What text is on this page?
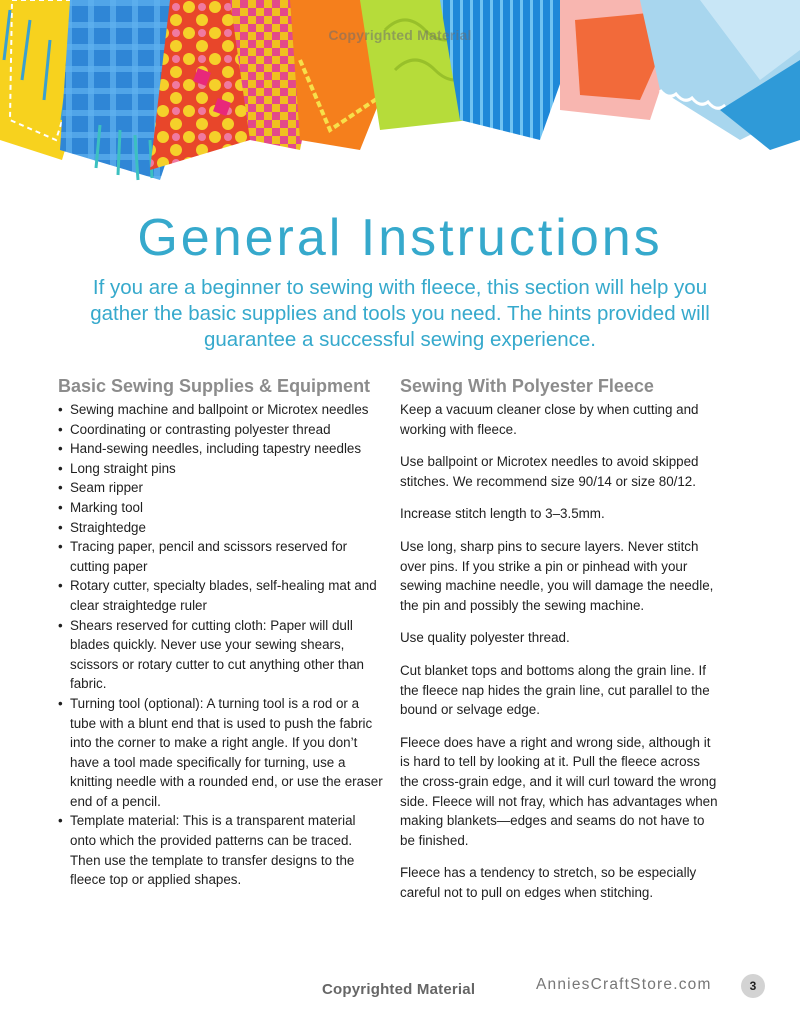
Copyrighted Material
General Instructions

If you are a beginner to sewing with fleece, this section will help you gather the basic supplies and tools you need. The hints provided will guarantee a successful sewing experience.

Basic Sewing Supplies & Equipment
• Sewing machine and ballpoint or Microtex needles
• Coordinating or contrasting polyester thread
• Hand-sewing needles, including tapestry needles
• Long straight pins
• Seam ripper
• Marking tool
• Straightedge
• Tracing paper, pencil and scissors reserved for cutting paper
• Rotary cutter, specialty blades, self-healing mat and clear straightedge ruler
• Shears reserved for cutting cloth: Paper will dull blades quickly. Never use your sewing shears, scissors or rotary cutter to cut anything other than fabric.
• Turning tool (optional): A turning tool is a rod or a tube with a blunt end that is used to push the fabric into the corner to make a right angle. If you don’t have a tool made specifically for turning, use a knitting needle with a rounded end, or use the eraser end of a pencil.
• Template material: This is a transparent material onto which the provided patterns can be traced. Then use the template to transfer designs to the fleece top or applied shapes.
Sewing With Polyester Fleece

Keep a vacuum cleaner close by when cutting and working with fleece.

Use ballpoint or Microtex needles to avoid skipped stitches. We recommend size 90/14 or size 80/12.

Increase stitch length to 3–3.5mm.

Use long, sharp pins to secure layers. Never stitch over pins. If you strike a pin or pinhead with your sewing machine needle, you will damage the needle, the pin and possibly the sewing machine.

Use quality polyester thread.

Cut blanket tops and bottoms along the grain line. If the fleece nap hides the grain line, cut parallel to the bound or selvage edge.

Fleece does have a right and wrong side, although it is hard to tell by looking at it. Pull the fleece across the cross-grain edge, and it will curl toward the wrong side. Fleece will not fray, which has advantages when making blankets—edges and seams do not have to be finished.

Fleece has a tendency to stretch, so be especially careful not to pull on edges when stitching.

Copyrighted Material	AnniesCraftStore.com	3
